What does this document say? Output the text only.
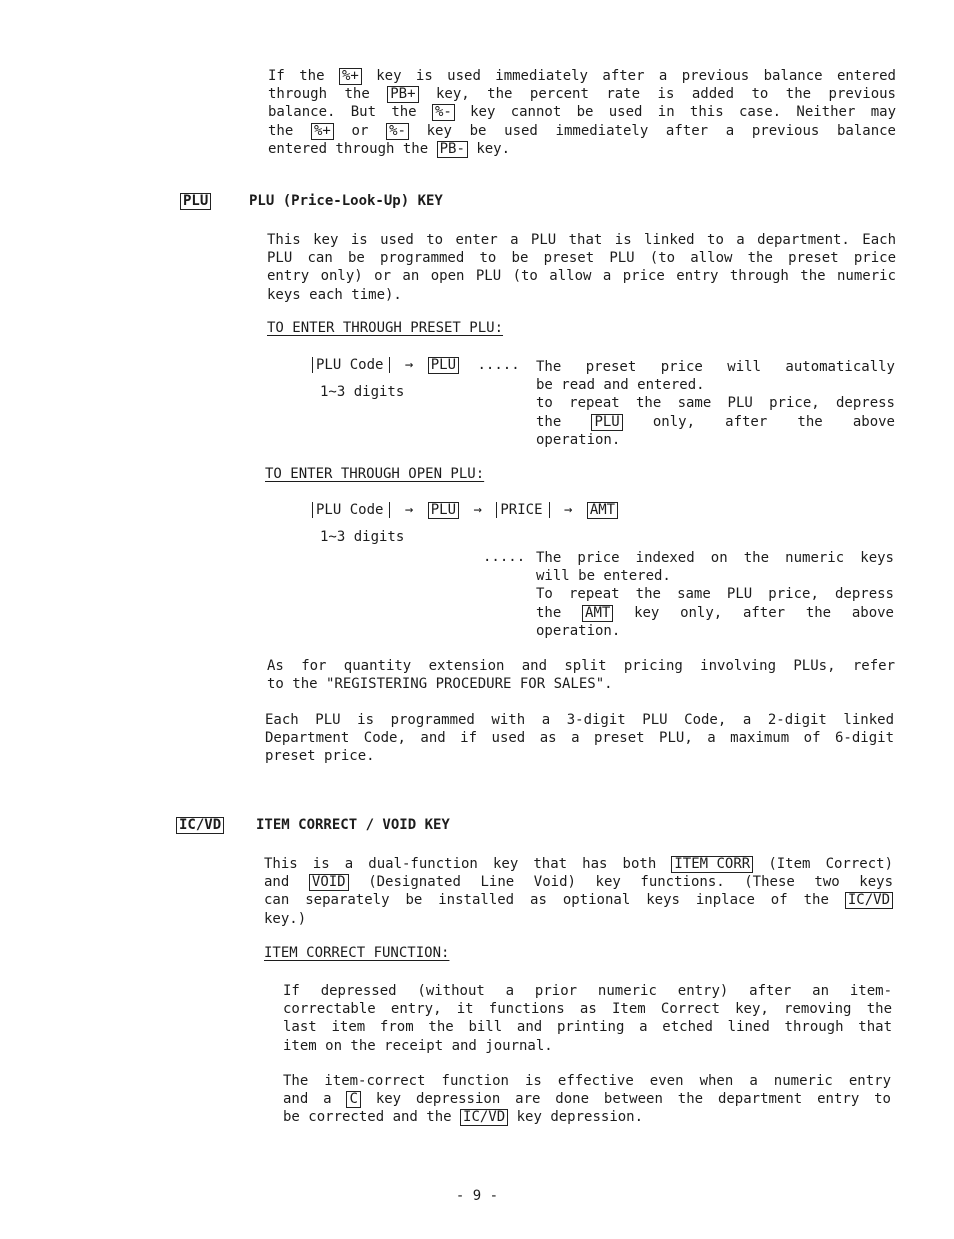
If the %+ key is used immediately after a previous balance entered
through the PB+ key, the percent rate is added to the previous
balance. But the %- key cannot be used in this case. Neither may
the %+ or %- key be used immediately after a previous balance
entered through the PB- key.
PLU	PLU (Price-Look-Up) KEY
This key is used to enter a PLU that is linked to a department. Each
PLU can be programmed to be preset PLU (to allow the preset price
entry only) or an open PLU (to allow a price entry through the numeric
keys each time).
TO ENTER THROUGH PRESET PLU:
PLU Code → PLU .....
1~3 digits
The preset price will automatically
be read and entered.
to repeat the same PLU price, depress
the PLU only, after the above
operation.
TO ENTER THROUGH OPEN PLU:
PLU Code → PLU → PRICE → AMT
1~3 digits
..... The price indexed on the numeric keys
will be entered.
To repeat the same PLU price, depress
the AMT key only, after the above
operation.
As for quantity extension and split pricing involving PLUs, refer
to the "REGISTERING PROCEDURE FOR SALES".
Each PLU is programmed with a 3-digit PLU Code, a 2-digit linked
Department Code, and if used as a preset PLU, a maximum of 6-digit
preset price.
IC/VD ITEM CORRECT / VOID KEY
This is a dual-function key that has both ITEM CORR (Item Correct)
and VOID (Designated Line Void) key functions. (These two keys
can separately be installed as optional keys inplace of the IC/VD
key.)
ITEM CORRECT FUNCTION:
If depressed (without a prior numeric entry) after an item-
correctable entry, it functions as Item Correct key, removing the
last item from the bill and printing a etched lined through that
item on the receipt and journal.
The item-correct function is effective even when a numeric entry
and a C key depression are done between the department entry to
be corrected and the IC/VD key depression.
- 9 -
